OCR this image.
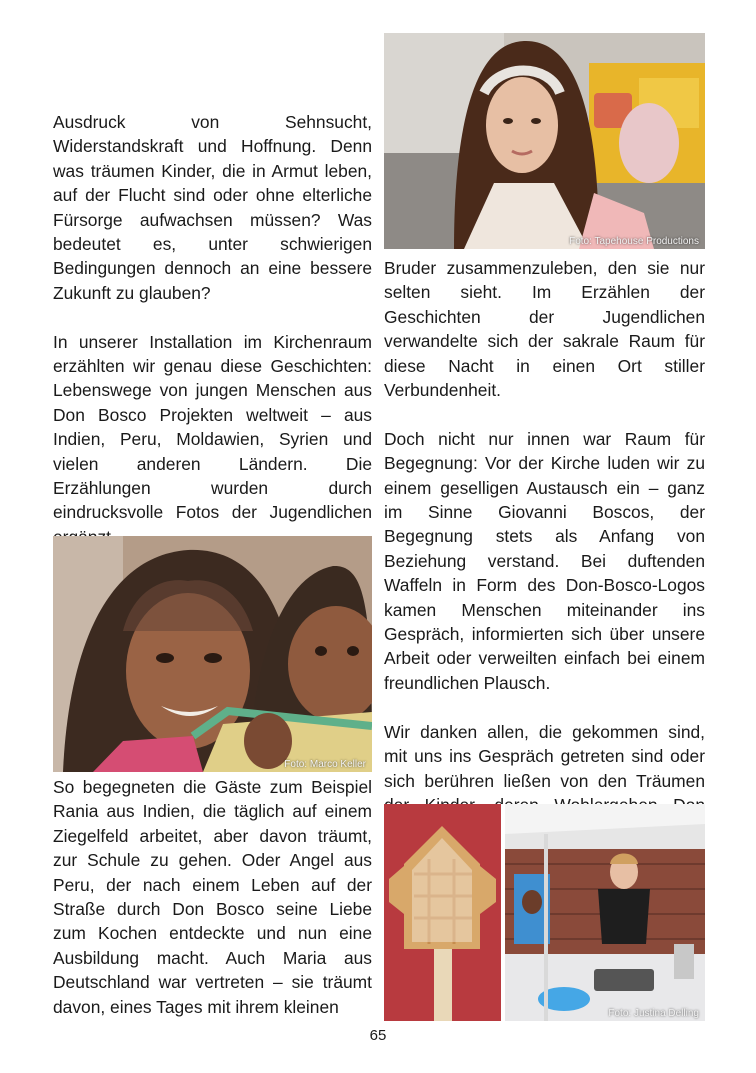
Ausdruck von Sehnsucht, Widerstandskraft und Hoffnung. Denn was träumen Kinder, die in Armut leben, auf der Flucht sind oder ohne elterliche Fürsorge aufwachsen müssen? Was bedeutet es, unter schwierigen Bedingungen dennoch an eine bessere Zukunft zu glauben?

In unserer Installation im Kirchenraum erzählten wir genau diese Geschichten: Lebenswege von jungen Menschen aus Don Bosco Projekten weltweit – aus Indien, Peru, Moldawien, Syrien und vielen anderen Ländern. Die Erzählungen wurden durch eindrucksvolle Fotos der Jugendlichen

Foto: Tapehouse Productions
Foto: Marco Keller

So begegneten die Gäste zum Beispiel Rania aus Indien, die täglich auf einem Ziegelfeld arbeitet, aber davon träumt, zur Schule zu gehen. Oder Angel aus Peru, der nach einem Leben auf der Straße durch Don Bosco seine Liebe zum Kochen entdeckte und nun eine Ausbildung macht. Auch Maria aus Deutschland war vertreten – sie träumt davon, eines Tages mit ihrem kleinen

Bruder zusammenzuleben, den sie nur selten sieht. Im Erzählen der Geschichten der Jugendlichen verwandelte sich der sakrale Raum für diese Nacht in einen Ort stiller Verbundenheit.

Doch nicht nur innen war Raum für Begegnung: Vor der Kirche luden wir zu einem geselligen Austausch ein – ganz im Sinne Giovanni Boscos, der Begegnung stets als Anfang von Beziehung verstand. Bei duftenden Waffeln in Form des Don-Bosco-Logos kamen Menschen miteinander ins Gespräch, informierten sich über unsere Arbeit oder verweilten einfach bei einem freundlichen Plausch.

Wir danken allen, die gekommen sind, mit uns ins Gespräch getreten sind oder sich berühren ließen von den Träumen

Foto: Justina Delling
65
